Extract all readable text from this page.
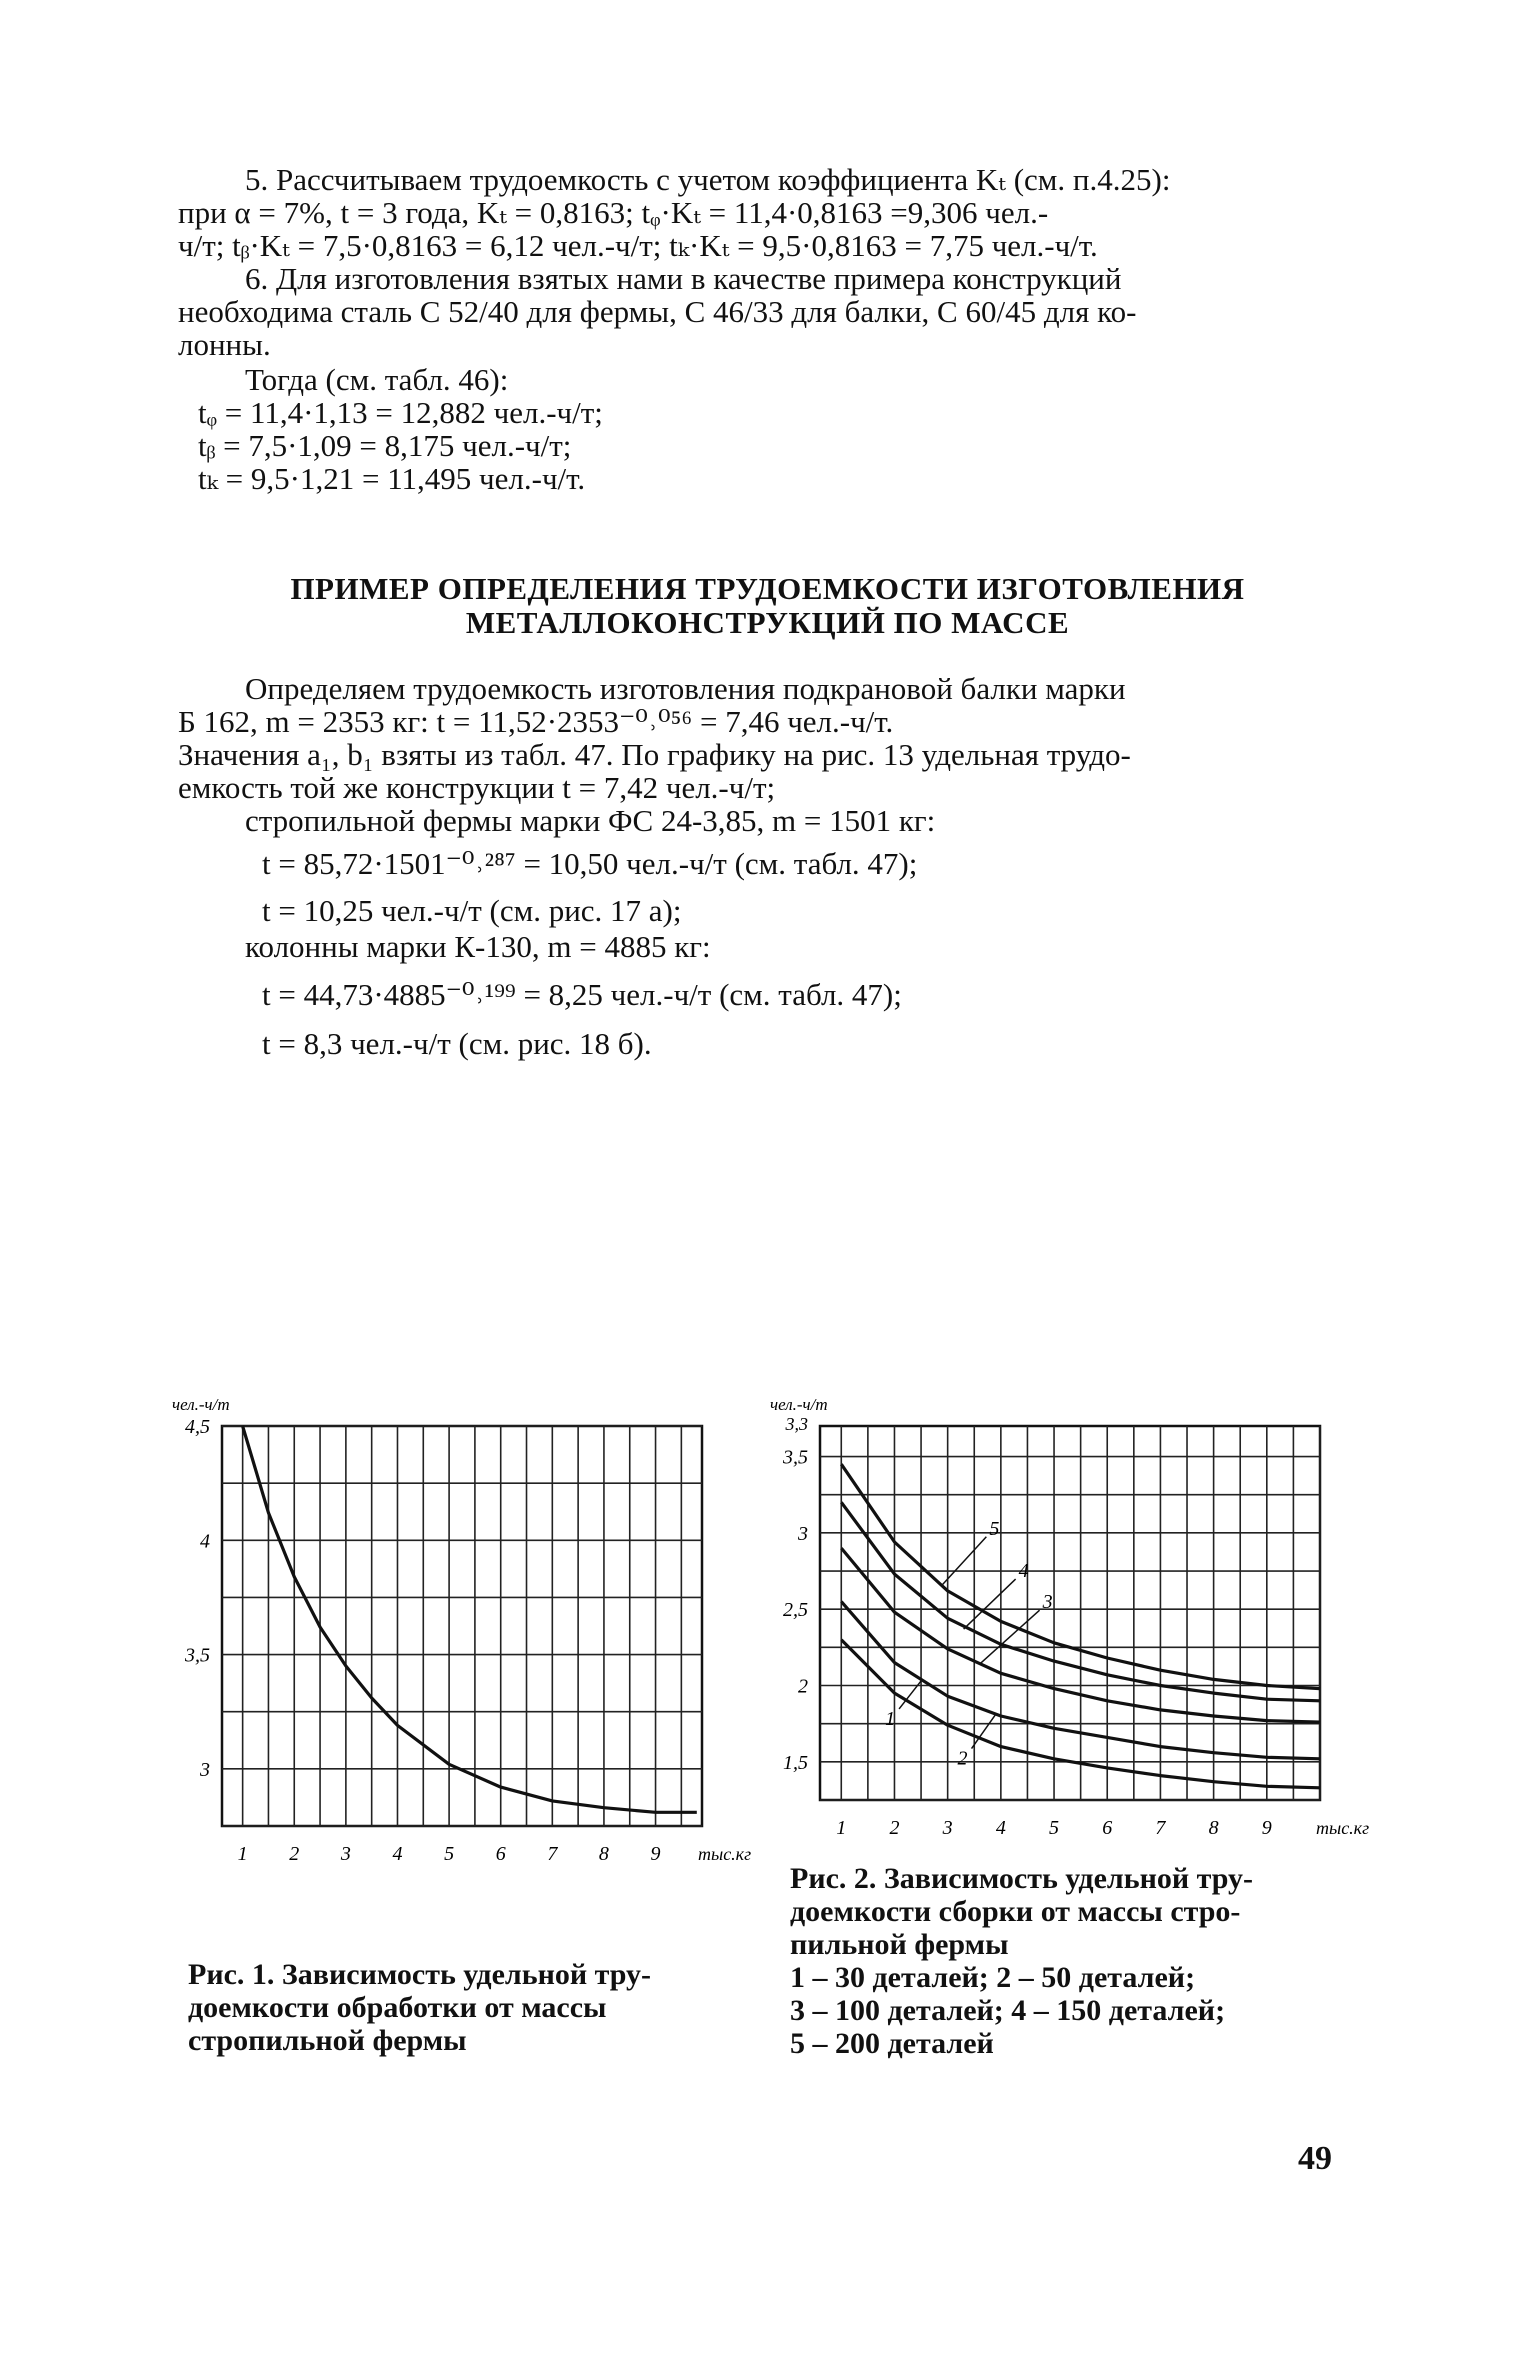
5. Рассчитываем трудоемкость с учетом коэффициента Kₜ (см. п.4.25):
при α = 7%, t = 3 года, Kₜ = 0,8163; tᵩ·Kₜ = 11,4·0,8163 =9,306 чел.-
ч/т; tᵦ·Kₜ = 7,5·0,8163 = 6,12 чел.-ч/т; tₖ·Kₜ = 9,5·0,8163 = 7,75 чел.-ч/т.
6. Для изготовления взятых нами в качестве примера конструкций
необходима сталь С 52/40 для фермы, С 46/33 для балки, С 60/45 для ко-
лонны.
Тогда (см. табл. 46):
tᵩ = 11,4·1,13 = 12,882 чел.-ч/т;
tᵦ = 7,5·1,09 = 8,175 чел.-ч/т;
tₖ = 9,5·1,21 = 11,495 чел.-ч/т.
ПРИМЕР ОПРЕДЕЛЕНИЯ ТРУДОЕМКОСТИ ИЗГОТОВЛЕНИЯ
МЕТАЛЛОКОНСТРУКЦИЙ ПО МАССЕ
Определяем трудоемкость изготовления подкрановой балки марки
Б 162, m = 2353 кг: t = 11,52·2353⁻⁰˒⁰⁵⁶ = 7,46 чел.-ч/т.
Значения a₁, b₁ взяты из табл. 47. По графику на рис. 13 удельная трудо-
емкость той же конструкции t = 7,42 чел.-ч/т;
стропильной фермы марки ФС 24-3,85, m = 1501 кг:
t = 85,72·1501⁻⁰˒²⁸⁷ = 10,50 чел.-ч/т (см. табл. 47);
t = 10,25 чел.-ч/т (см. рис. 17 а);
колонны марки К-130, m = 4885 кг:
t = 44,73·4885⁻⁰˒¹⁹⁹ = 8,25 чел.-ч/т (см. табл. 47);
t = 8,3 чел.-ч/т (см. рис. 18 б).
1 2 3 4 5 6 7 8 9 тыс.кг
4,5
4
3,5
3
чел.-ч/т
1 2 3 4 5 6 7 8 9 тыс.кг
3,5
3
2,5
2
1,5
3,3
чел.-ч/т
1
2
3
4
5
Рис. 1. Зависимость удельной тру-
доемкости обработки от массы
стропильной фермы
Рис. 2. Зависимость удельной тру-
доемкости сборки от массы стро-
пильной фермы
1 – 30 деталей; 2 – 50 деталей;
3 – 100 деталей; 4 – 150 деталей;
5 – 200 деталей
49
